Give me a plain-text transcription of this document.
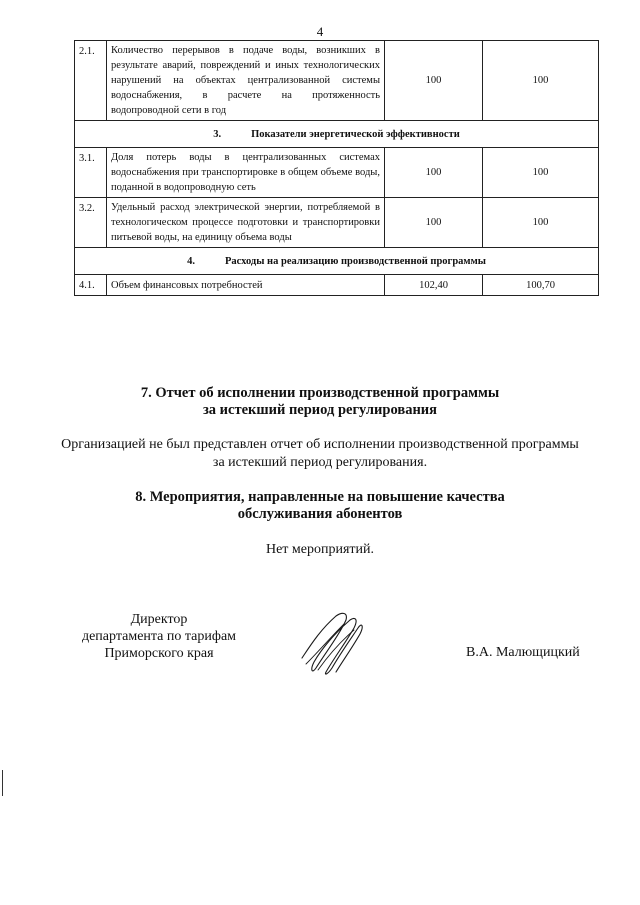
4
2.1.	Количество перерывов в подаче воды, возникших в результате аварий, повреждений и иных технологических нарушений на объектах централизованной системы водоснабжения, в расчете на протяженность водопроводной сети в год	100	100
3. Показатели энергетической эффективности			
3.1.	Доля потерь воды в централизованных системах водоснабжения при транспортировке в общем объеме воды, поданной в водопроводную сеть	100	100
3.2.	Удельный расход электрической энергии, потребляемой в технологическом процессе подготовки и транспортировки питьевой воды, на единицу объема воды	100	100
4. Расходы на реализацию производственной программы			
4.1.	Объем финансовых потребностей	102,40	100,70
7. Отчет об исполнении производственной программы
за истекший период регулирования
Организацией не был представлен отчет об исполнении производственной программы за истекший период регулирования.
8. Мероприятия, направленные на повышение качества
обслуживания абонентов
Нет мероприятий.
Директор
департамента по тарифам
Приморского края	В.А. Малющицкий
